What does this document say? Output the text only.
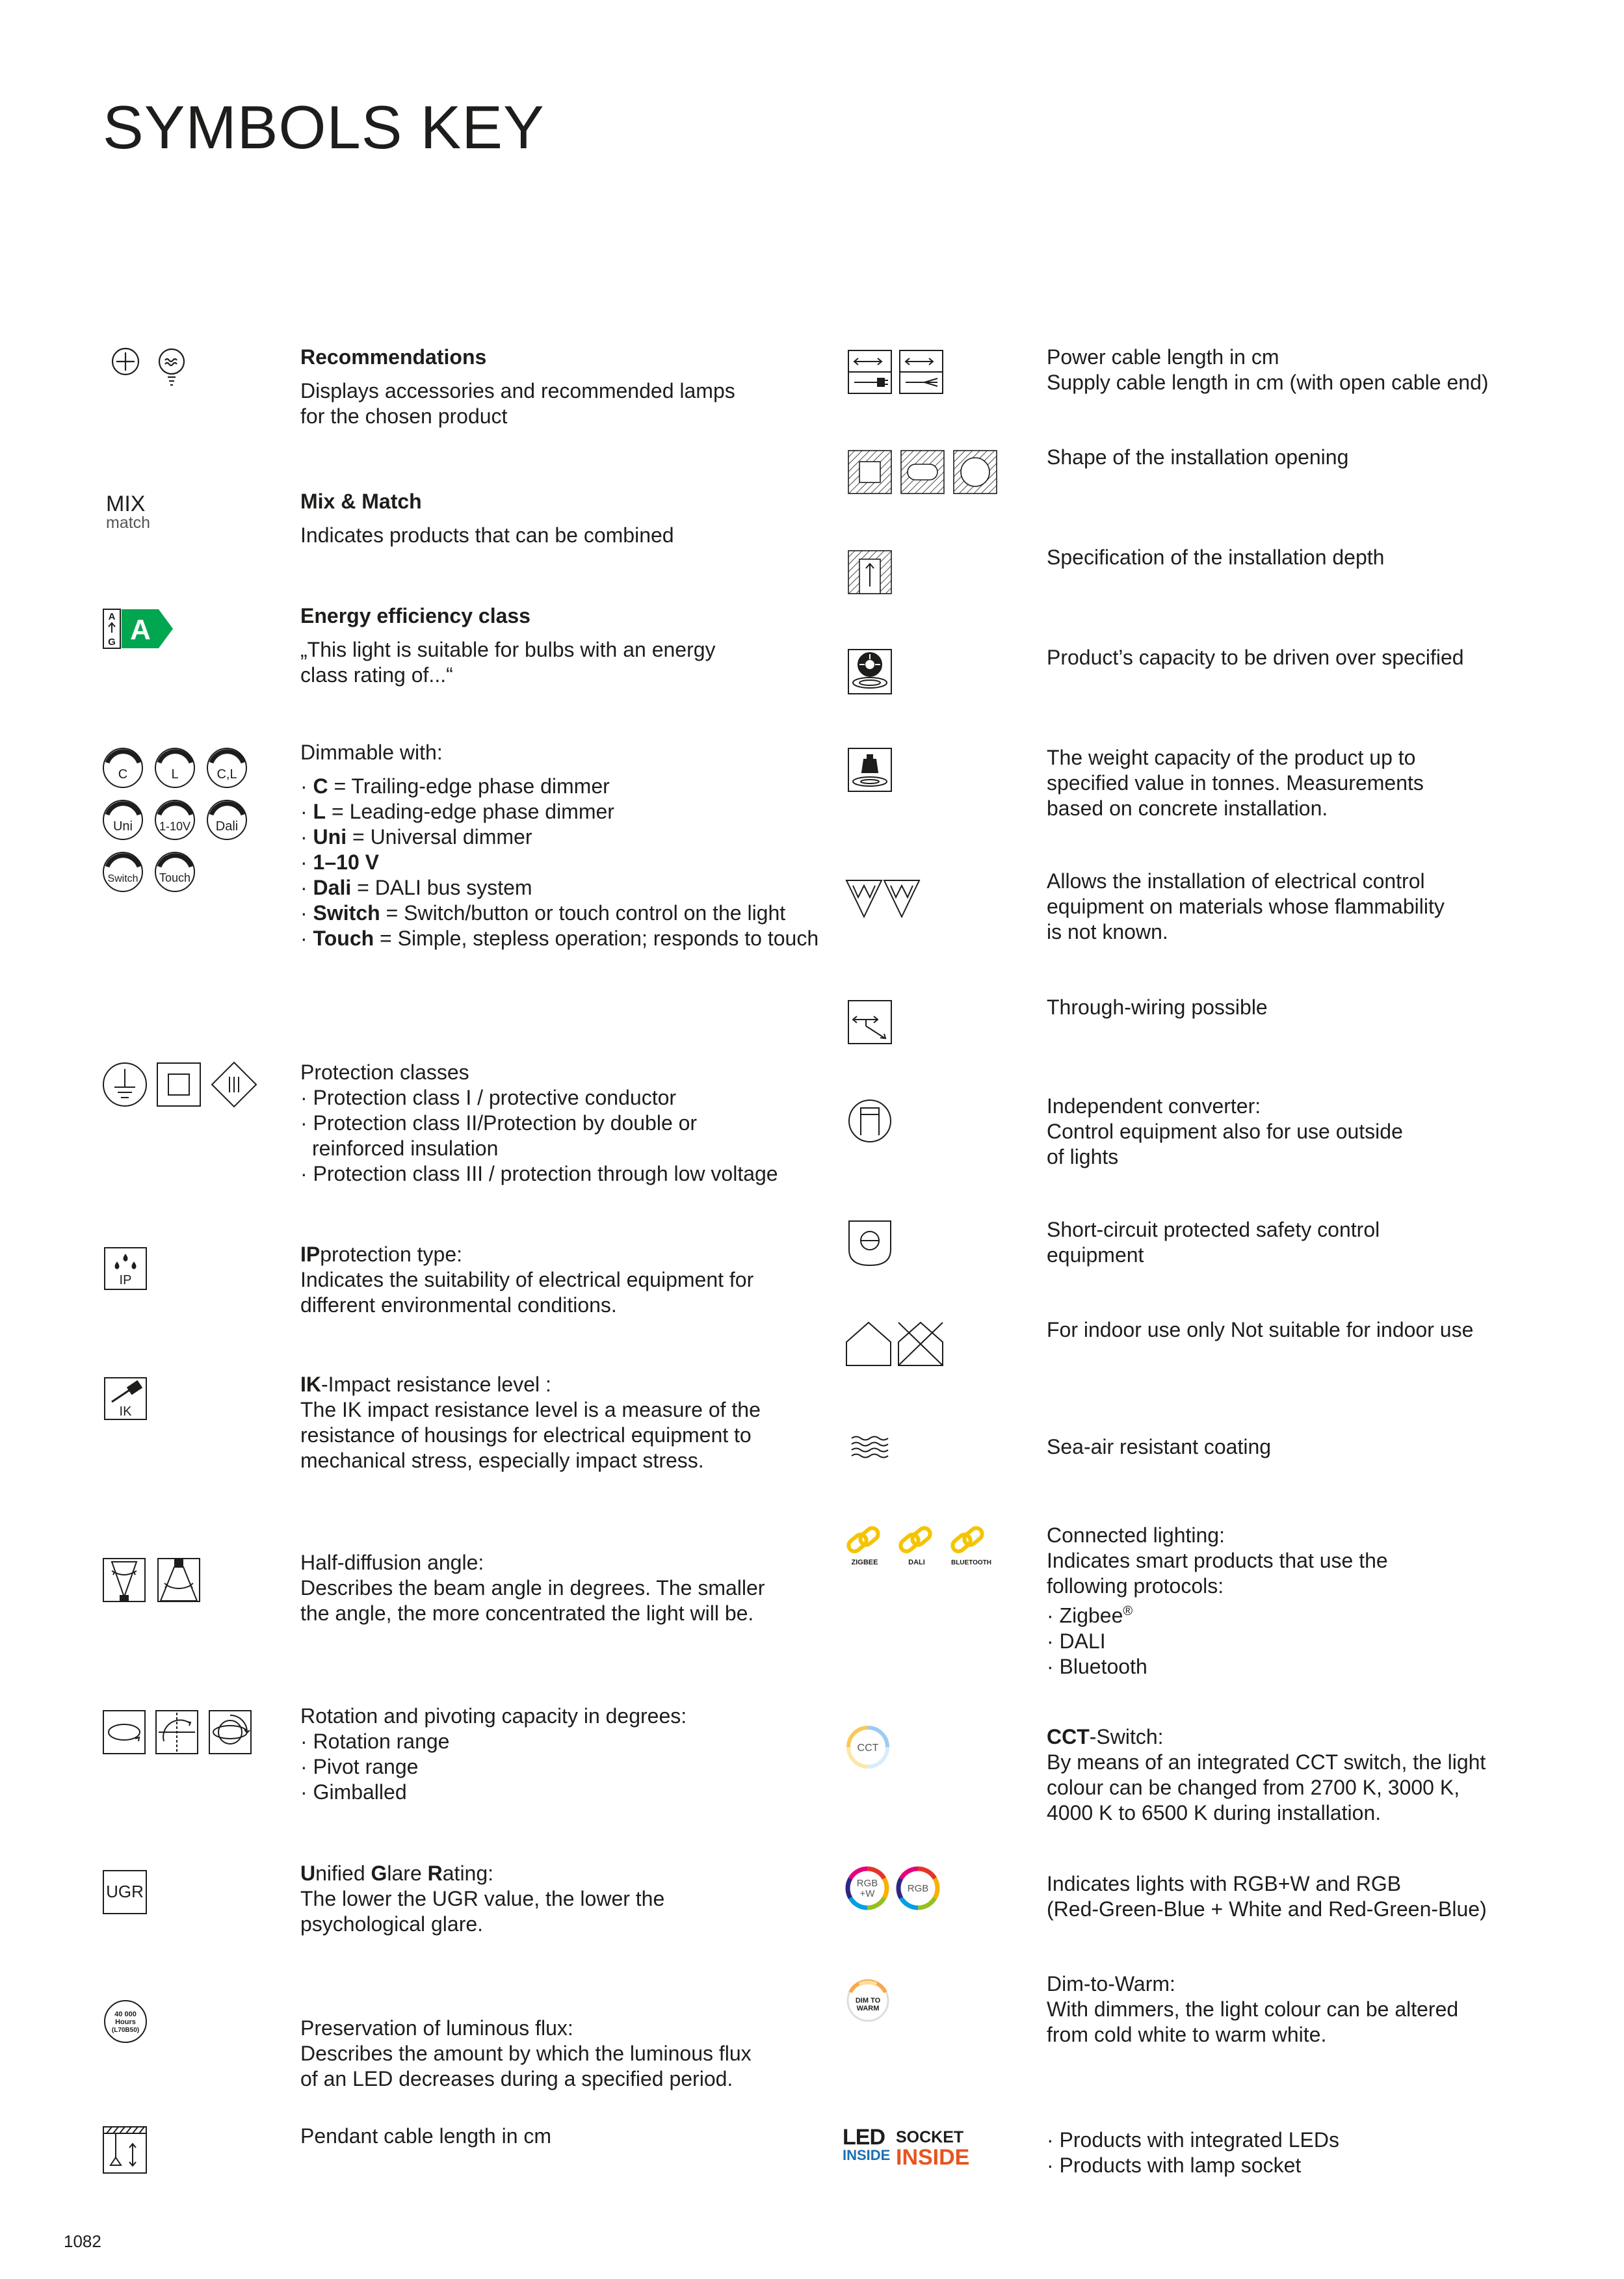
SYMBOLS KEY
Recommendations
Displays accessories and recommended lamps
for the chosen product
MIX
match
Mix & Match
Indicates products that can be combined
A
G A	Energy efficiency class
„This light is suitable for bulbs with an energy
class rating of...“
C	L	C,L
Uni 1-10V Dali
Switch Touch
Dimmable with:
· C = Trailing-edge phase dimmer
· L = Leading-edge phase dimmer
· Uni = Universal dimmer
· 1–10 V
· Dali = DALI bus system
· Switch = Switch/button or touch control on the light
· Touch = Simple, stepless operation; responds to touch
Protection classes
· Protection class I / protective conductor
· Protection class II/Protection by double or
reinforced insulation
· Protection class III / protection through low voltage
IP
IPprotection type:
Indicates the suitability of electrical equipment for
different environmental conditions.
IK
IK-Impact resistance level :
The IK impact resistance level is a measure of the
resistance of housings for electrical equipment to
mechanical stress, especially impact stress.
Half-diffusion angle:
Describes the beam angle in degrees. The smaller
the angle, the more concentrated the light will be.
Rotation and pivoting capacity in degrees:
· Rotation range
· Pivot range
· Gimballed
UGR
Unified Glare Rating:
The lower the UGR value, the lower the
psychological glare.
40 000
Hours
(L70B50)	Preservation of luminous flux:
Describes the amount by which the luminous flux
of an LED decreases during a specified period.
Pendant cable length in cm
Power cable length in cm
Supply cable length in cm (with open cable end)
Shape of the installation opening
Specification of the installation depth
Product’s capacity to be driven over specified
The weight capacity of the product up to
specified value in tonnes. Measurements
based on concrete installation.
Allows the installation of electrical control
equipment on materials whose flammability
is not known.
Through-wiring possible
Independent converter:
Control equipment also for use outside
of lights
Short-circuit protected safety control
equipment
For indoor use only Not suitable for indoor use
Sea-air resistant coating
ZIGBEE	DALI	BLUETOOTH
Connected lighting:
Indicates smart products that use the
following protocols:
· Zigbee®
· DALI
· Bluetooth
CCT	CCT-Switch:
By means of an integrated CCT switch, the light
colour can be changed from 2700 K, 3000 K,
4000 K to 6500 K during installation.
RGB
+W	RGB	Indicates lights with RGB+W and RGB
(Red-Green-Blue + White and Red-Green-Blue)
DIM TO
WARM
Dim-to-Warm:
With dimmers, the light colour can be altered
from cold white to warm white.
LED
INSIDE
SOCKET
INSIDE
· Products with integrated LEDs
· Products with lamp socket
1082
